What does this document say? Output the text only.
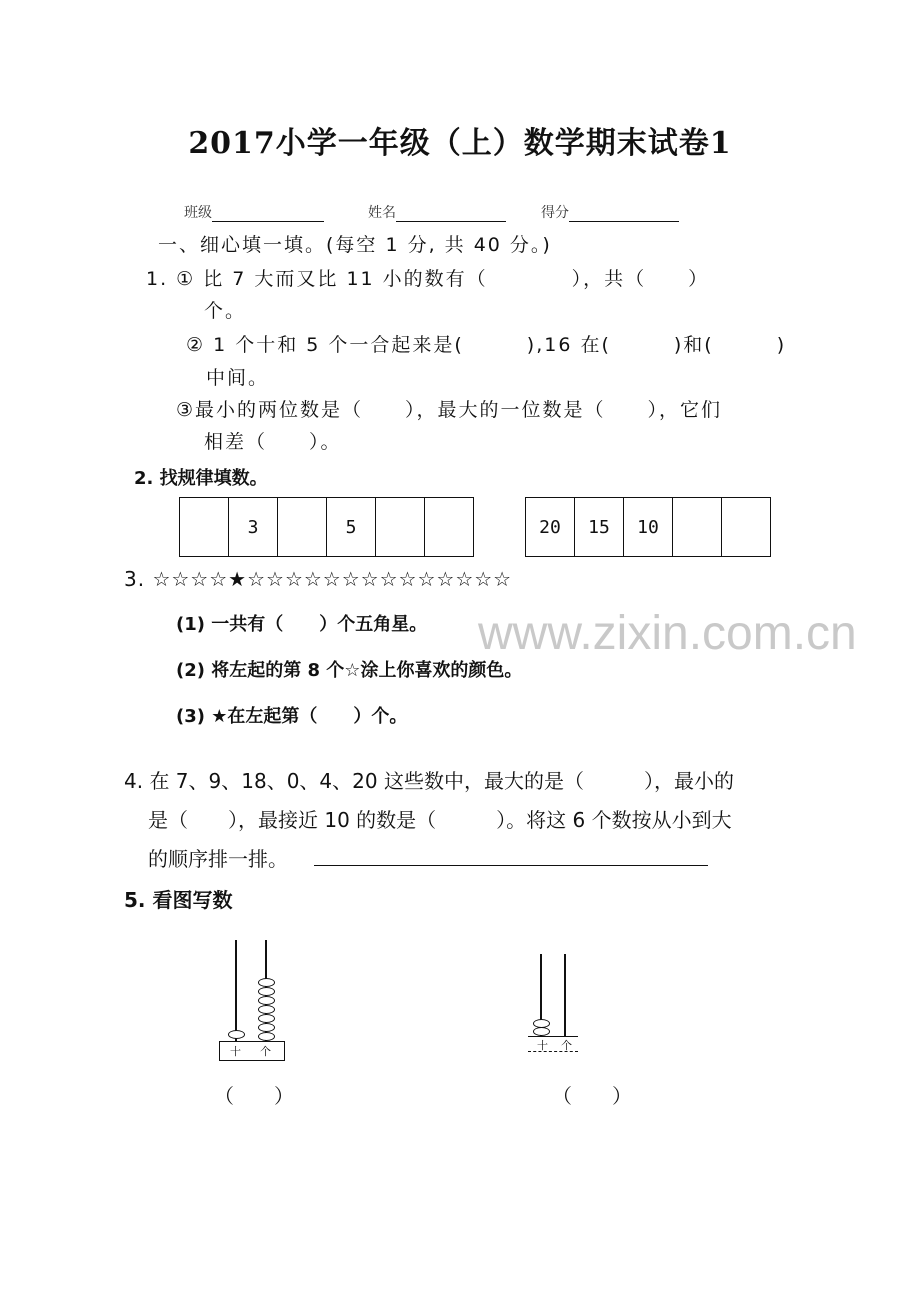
2017小学一年级（上）数学期末试卷1
班级	姓名	得分
一、细心填一填。(每空 1 分, 共 40 分。)
1. ① 比 7 大而又比 11 小的数有（　　　　），共（　　）
个。
② 1 个十和 5 个一合起来是(　　　),16 在(　　　)和(　　　)
中间。
③最小的两位数是（　　），最大的一位数是（　　），它们
相差（　　）。
2. 找规律填数。
	3		5			20	15	10		
3. ☆☆☆☆★☆☆☆☆☆☆☆☆☆☆☆☆☆☆
(1) 一共有（　　）个五角星。
(2) 将左起的第 8 个☆涂上你喜欢的颜色。
(3) ★在左起第（　　）个。
www.zixin.com.cn
4. 在 7、9、18、0、4、20 这些数中，最大的是（　　　），最小的
是（　　），最接近 10 的数是（　　　）。将这 6 个数按从小到大
的顺序排一排。
5. 看图写数
十 个
（　　）
十 个
（　　）
